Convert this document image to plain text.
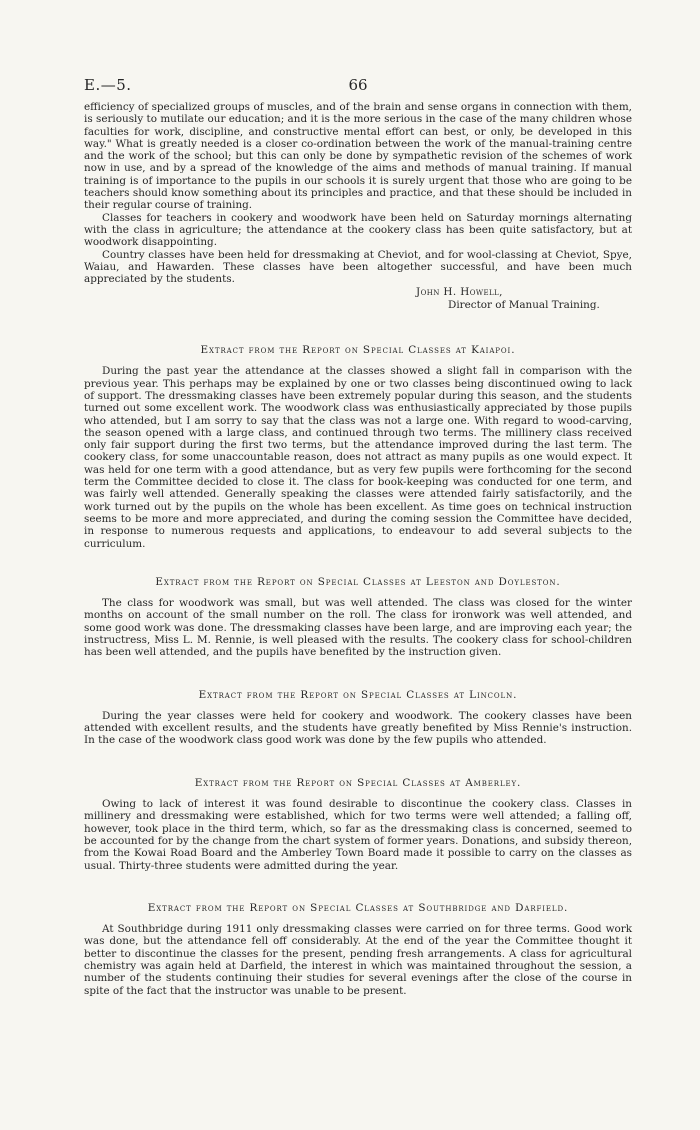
E.—5.	66

efficiency of specialized groups of muscles, and of the brain and sense organs in connection with them, is seriously to mutilate our education; and it is the more serious in the case of the many children whose faculties for work, discipline, and constructive mental effort can best, or only, be developed in this way." What is greatly needed is a closer co-ordination between the work of the manual-training centre and the work of the school; but this can only be done by sympathetic revision of the schemes of work now in use, and by a spread of the knowledge of the aims and methods of manual training. If manual training is of importance to the pupils in our schools it is surely urgent that those who are going to be teachers should know something about its principles and practice, and that these should be included in their regular course of training.

Classes for teachers in cookery and woodwork have been held on Saturday mornings alternating with the class in agriculture; the attendance at the cookery class has been quite satisfactory, but at woodwork disappointing.

Country classes have been held for dressmaking at Cheviot, and for wool-classing at Cheviot, Spye, Waiau, and Hawarden. These classes have been altogether successful, and have been much appreciated by the students.

John H. Howell,
Director of Manual Training.
Extract from the Report on Special Classes at Kaiapoi.

During the past year the attendance at the classes showed a slight fall in comparison with the previous year. This perhaps may be explained by one or two classes being discontinued owing to lack of support. The dressmaking classes have been extremely popular during this season, and the students turned out some excellent work. The woodwork class was enthusiastically appreciated by those pupils who attended, but I am sorry to say that the class was not a large one. With regard to wood-carving, the season opened with a large class, and continued through two terms. The millinery class received only fair support during the first two terms, but the attendance improved during the last term. The cookery class, for some unaccountable reason, does not attract as many pupils as one would expect. It was held for one term with a good attendance, but as very few pupils were forthcoming for the second term the Committee decided to close it. The class for book-keeping was conducted for one term, and was fairly well attended. Generally speaking the classes were attended fairly satisfactorily, and the work turned out by the pupils on the whole has been excellent. As time goes on technical instruction seems to be more and more appreciated, and during the coming session the Committee have decided, in response to numerous requests and applications, to endeavour to add several subjects to the curriculum.

Extract from the Report on Special Classes at Leeston and Doyleston.

The class for woodwork was small, but was well attended. The class was closed for the winter months on account of the small number on the roll. The class for ironwork was well attended, and some good work was done. The dressmaking classes have been large, and are improving each year; the instructress, Miss L. M. Rennie, is well pleased with the results. The cookery class for school-children has been well attended, and the pupils have benefited by the instruction given.

Extract from the Report on Special Classes at Lincoln.

During the year classes were held for cookery and woodwork. The cookery classes have been attended with excellent results, and the students have greatly benefited by Miss Rennie's instruction. In the case of the woodwork class good work was done by the few pupils who attended.

Extract from the Report on Special Classes at Amberley.

Owing to lack of interest it was found desirable to discontinue the cookery class. Classes in millinery and dressmaking were established, which for two terms were well attended; a falling off, however, took place in the third term, which, so far as the dressmaking class is concerned, seemed to be accounted for by the change from the chart system of former years. Donations, and subsidy thereon, from the Kowai Road Board and the Amberley Town Board made it possible to carry on the classes as usual. Thirty-three students were admitted during the year.

Extract from the Report on Special Classes at Southbridge and Darfield.

At Southbridge during 1911 only dressmaking classes were carried on for three terms. Good work was done, but the attendance fell off considerably. At the end of the year the Committee thought it better to discontinue the classes for the present, pending fresh arrangements. A class for agricultural chemistry was again held at Darfield, the interest in which was maintained throughout the session, a number of the students continuing their studies for several evenings after the close of the course in spite of the fact that the instructor was unable to be present.
